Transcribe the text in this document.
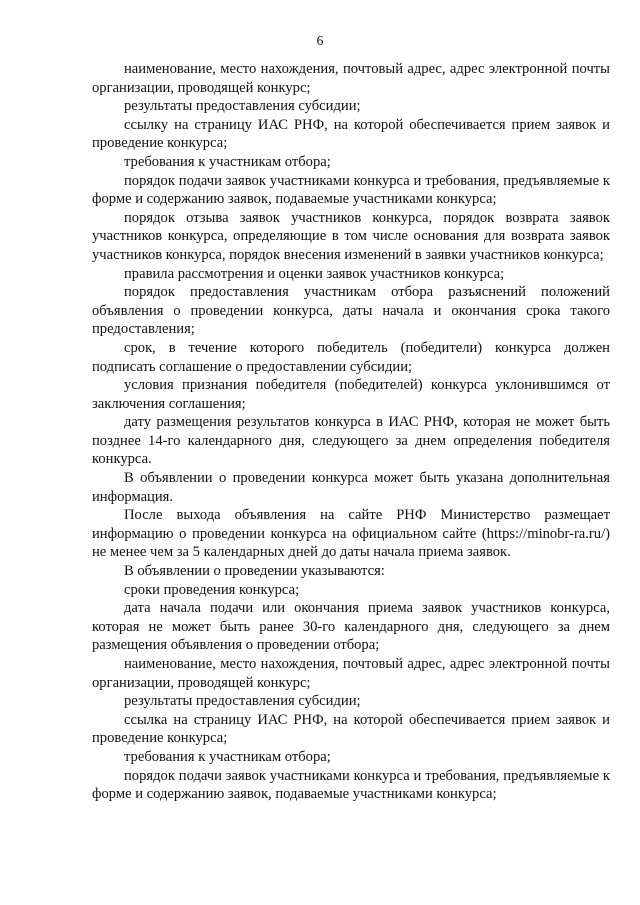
6

наименование, место нахождения, почтовый адрес, адрес электронной почты организации, проводящей конкурс;

результаты предоставления субсидии;

ссылку на страницу ИАС РНФ, на которой обеспечивается прием заявок и проведение конкурса;

требования к участникам отбора;

порядок подачи заявок участниками конкурса и требования, предъявляемые к форме и содержанию заявок, подаваемые участниками конкурса;

порядок отзыва заявок участников конкурса, порядок возврата заявок участников конкурса, определяющие в том числе основания для возврата заявок участников конкурса, порядок внесения изменений в заявки участников конкурса;

правила рассмотрения и оценки заявок участников конкурса;

порядок предоставления участникам отбора разъяснений положений объявления о проведении конкурса, даты начала и окончания срока такого предоставления;

срок, в течение которого победитель (победители) конкурса должен подписать соглашение о предоставлении субсидии;

условия признания победителя (победителей) конкурса уклонившимся от заключения соглашения;

дату размещения результатов конкурса в ИАС РНФ, которая не может быть позднее 14-го календарного дня, следующего за днем определения победителя конкурса.

В объявлении о проведении конкурса может быть указана дополнительная информация.

После выхода объявления на сайте РНФ Министерство размещает информацию о проведении конкурса на официальном сайте (https://minobr-ra.ru/) не менее чем за 5 календарных дней до даты начала приема заявок.

В объявлении о проведении указываются:

сроки проведения конкурса;

дата начала подачи или окончания приема заявок участников конкурса, которая не может быть ранее 30-го календарного дня, следующего за днем размещения объявления о проведении отбора;

наименование, место нахождения, почтовый адрес, адрес электронной почты организации, проводящей конкурс;

результаты предоставления субсидии;

ссылка на страницу ИАС РНФ, на которой обеспечивается прием заявок и проведение конкурса;

требования к участникам отбора;

порядок подачи заявок участниками конкурса и требования, предъявляемые к форме и содержанию заявок, подаваемые участниками конкурса;
